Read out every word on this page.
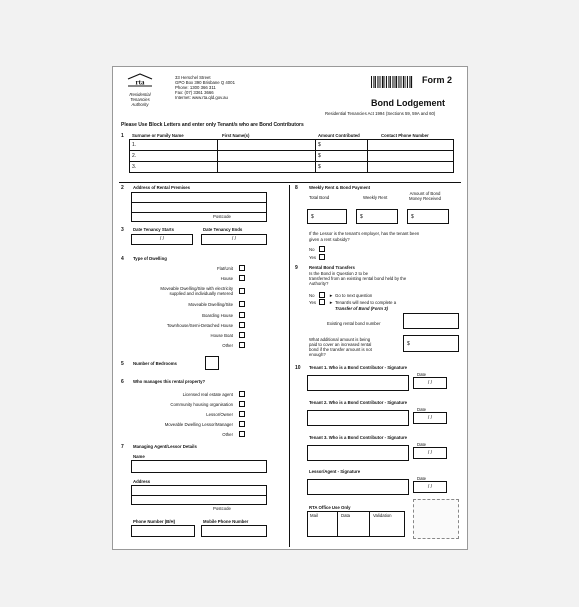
rta
Residential
Tenancies
Authority
33 Herschel Street
GPO Box 390 Brisbane Q 4001
Phone: 1300 366 311
Fax: (07) 3361 3666
Internet: www.rta.qld.gov.au
Form 2
Bond Lodgement
Residential Tenancies Act 1994 (Sections 59, 59A and 60)
Please Use Block Letters and enter only Tenant/s who are Bond Contributors
1 Surname or Family Name	First Name(s)	Amount Contributed	Contact Phone Number
1.		$	
2.		$	
3.		$	
2 Address of Rental Premises
Postcode
3 Date Tenancy Starts	Date Tenancy Ends
/ /	/ /
4 Type of Dwelling
Flat/Unit
House
Moveable Dwelling/Site with electricity
supplied and individually metered
Moveable Dwelling/Site
Boarding House
Townhouse/Semi-Detached House
House Boat
Other
5 Number of Bedrooms
6 Who manages this rental property?
Licensed real estate agent
Community housing organisation
Lessor/Owner
Moveable Dwelling Lessor/Manager
Other
7 Managing Agent/Lessor Details
Name
Address
Postcode
Phone Number (B/H)	Mobile Phone Number
8	Weekly Rent & Bond Payment
Total Bond	Weekly Rent
Amount of Bond
Money Received
$	$	$
If the Lessor is the tenant's employer, has the tenant been
given a rent subsidy?
No
Yes
9	Rental Bond Transfers
Is the Bond in Question 2 to be
transferred from an existing rental bond held by the
Authority?
No	► Go to next question
Yes	► Tenant/s will need to complete a
Transfer of Bond (Form 3)
Existing rental bond number
What additional amount is being
paid to cover an increased rental
bond if the transfer amount is not
enough?
$
10 Tenant 1. Who is a Bond Contributor - Signature
Date
/ /
Tenant 2. Who is a Bond Contributor - Signature
Date
/ /
Tenant 3. Who is a Bond Contributor - Signature
Date
/ /
Lessor/Agent - Signature
Date
/ /
RTA Office Use Only
Mail	Data	Validation
